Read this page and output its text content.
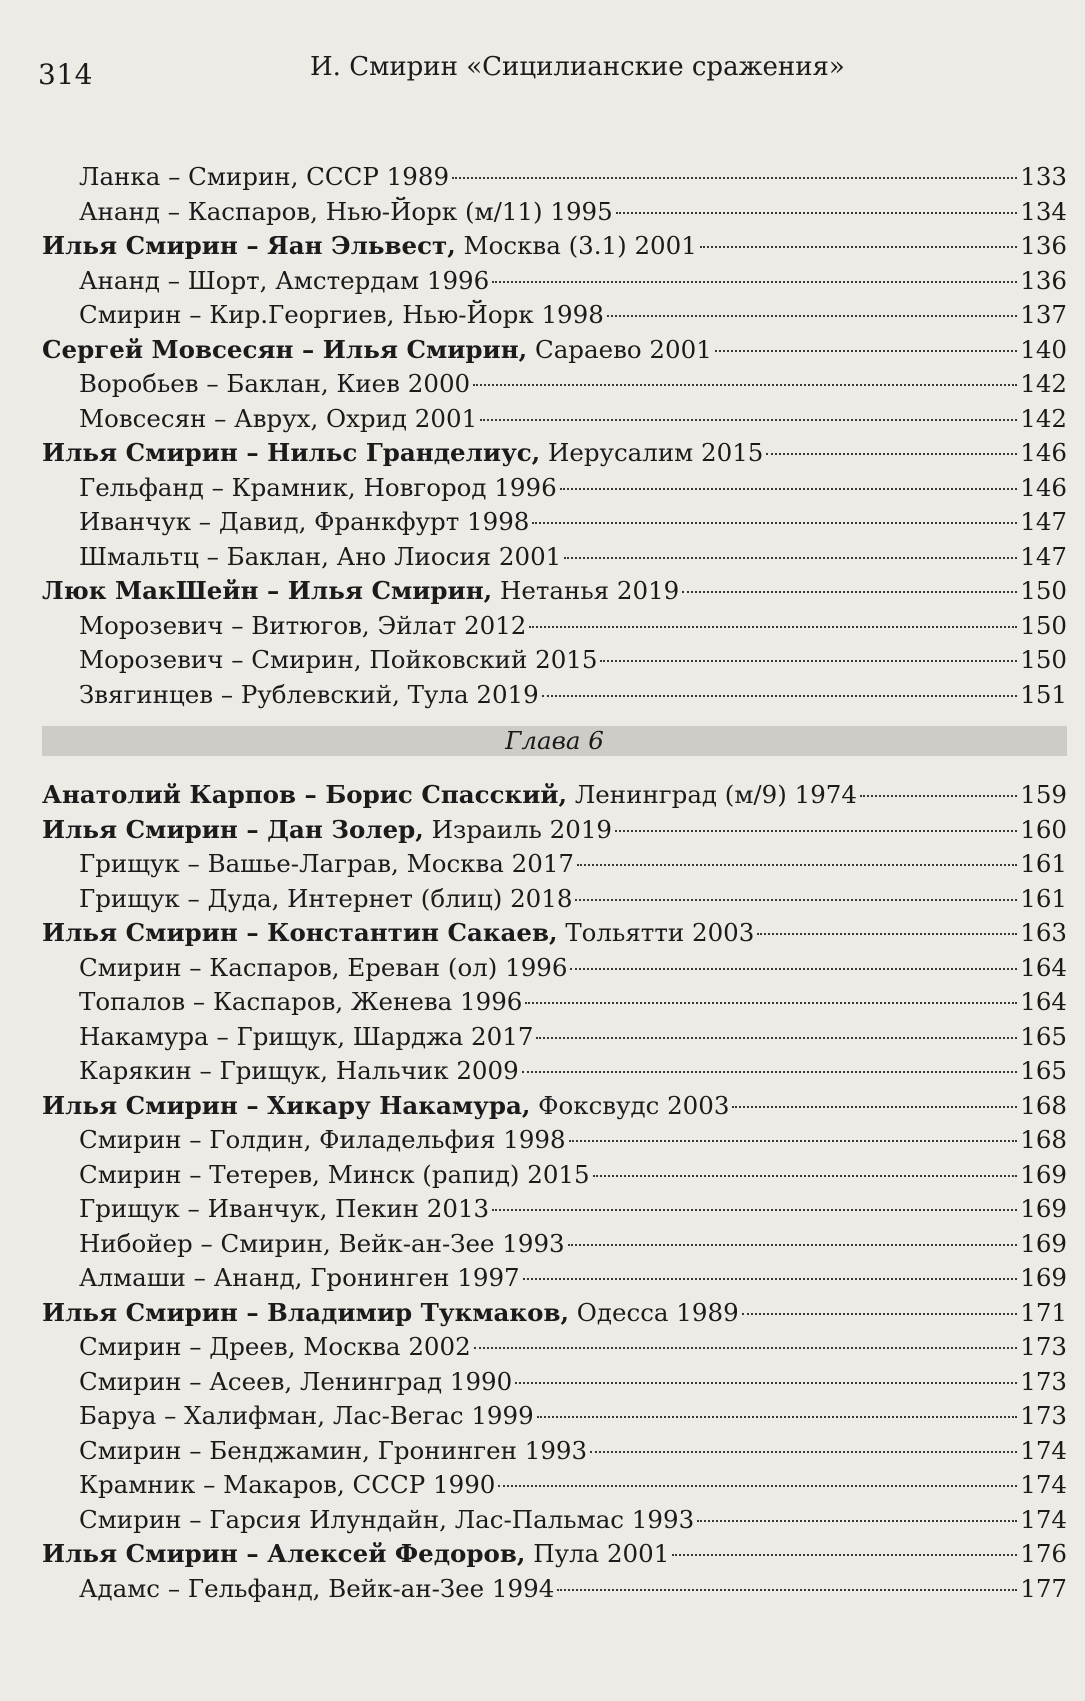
314	И. Смирин «Сицилианские сражения»
Ланка – Смирин, СССР 1989	133
Ананд – Каспаров, Нью-Йорк (м/11) 1995	134
Илья Смирин – Яан Эльвест, Москва (3.1) 2001	136
Ананд – Шорт, Амстердам 1996	136
Смирин – Кир.Георгиев, Нью-Йорк 1998	137
Сергей Мовсесян – Илья Смирин, Сараево 2001	140
Воробьев – Баклан, Киев 2000	142
Мовсесян – Аврух, Охрид 2001	142
Илья Смирин – Нильс Гранделиус, Иерусалим 2015	146
Гельфанд – Крамник, Новгород 1996	146
Иванчук – Давид, Франкфурт 1998	147
Шмальтц – Баклан, Ано Лиосия 2001	147
Люк МакШейн – Илья Смирин, Нетанья 2019	150
Морозевич – Витюгов, Эйлат 2012	150
Морозевич – Смирин, Пойковский 2015	150
Звягинцев – Рублевский, Тула 2019	151
Глава 6
Анатолий Карпов – Борис Спасский, Ленинград (м/9) 1974	159
Илья Смирин – Дан Золер, Израиль 2019	160
Грищук – Вашье-Лаграв, Москва 2017	161
Грищук – Дуда, Интернет (блиц) 2018	161
Илья Смирин – Константин Сакаев, Тольятти 2003	163
Смирин – Каспаров, Ереван (ол) 1996	164
Топалов – Каспаров, Женева 1996	164
Накамура – Грищук, Шарджа 2017	165
Карякин – Грищук, Нальчик 2009	165
Илья Смирин – Хикару Накамура, Фоксвудс 2003	168
Смирин – Голдин, Филадельфия 1998	168
Смирин – Тетерев, Минск (рапид) 2015	169
Грищук – Иванчук, Пекин 2013	169
Нибойер – Смирин, Вейк-ан-Зее 1993	169
Алмаши – Ананд, Гронинген 1997	169
Илья Смирин – Владимир Тукмаков, Одесса 1989	171
Смирин – Дреев, Москва 2002	173
Смирин – Асеев, Ленинград 1990	173
Баруа – Халифман, Лас-Вегас 1999	173
Смирин – Бенджамин, Гронинген 1993	174
Крамник – Макаров, СССР 1990	174
Смирин – Гарсия Илундайн, Лас-Пальмас 1993	174
Илья Смирин – Алексей Федоров, Пула 2001	176
Адамс – Гельфанд, Вейк-ан-Зее 1994	177
